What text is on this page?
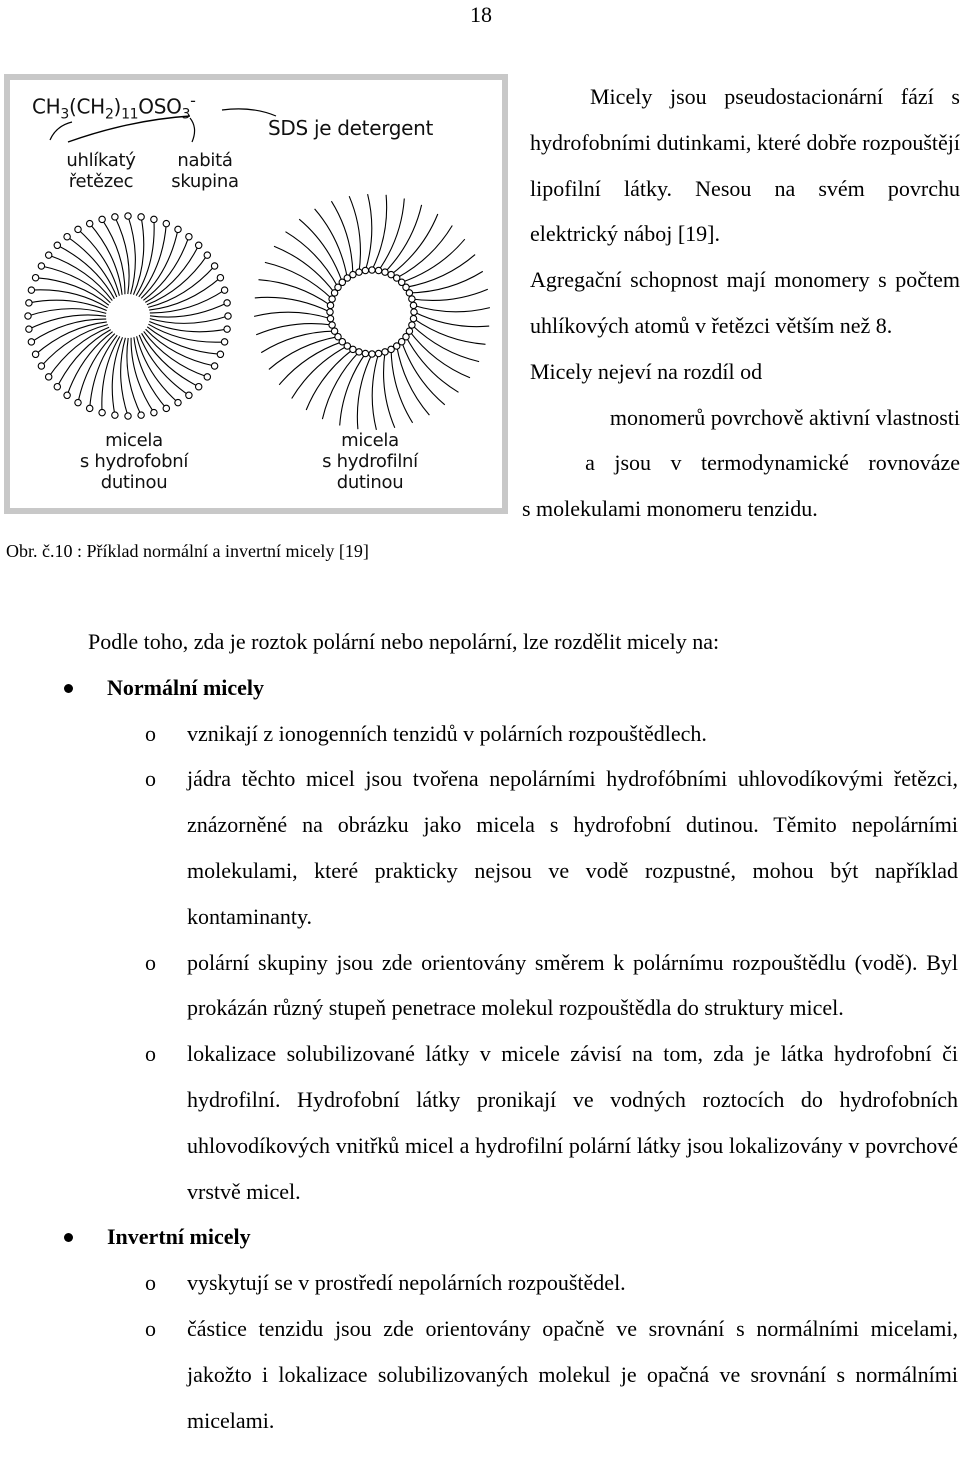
18
$CH_3(CH_2)_{11}OSO_3^-$
uhlíkatý
řetězec
nabitá
skupina
SDS je detergent
micela
s hydrofobní
dutinou
micela
s hydrofilní
dutinou
Obr. č.10 : Příklad normální a invertní micely [19]

Micely jsou pseudostacionární fází s hydrofobními dutinkami, které dobře rozpouštějí lipofilní látky. Nesou na svém povrchu elektrický náboj [19].

Agregační schopnost mají monomery s počtem uhlíkových atomů v řetězci větším než 8.

Micely nejeví na rozdíl od

monomerů povrchově aktivní vlastnosti

a jsou v termodynamické rovnováze

s molekulami monomeru tenzidu.

Podle toho, zda je roztok polární nebo nepolární, lze rozdělit micely na:

Normální micely
o vznikají z ionogenních tenzidů v polárních rozpouštědlech.
o jádra těchto micel jsou tvořena nepolárními hydrofóbními uhlovodíkovými řetězci, znázorněné na obrázku jako micela s hydrofobní dutinou. Těmito nepolárními molekulami, které prakticky nejsou ve vodě rozpustné, mohou být například kontaminanty.
o polární skupiny jsou zde orientovány směrem k polárnímu rozpouštědlu (vodě). Byl prokázán různý stupeň penetrace molekul rozpouštědla do struktury micel.
o lokalizace solubilizované látky v micele závisí na tom, zda je látka hydrofobní či hydrofilní. Hydrofobní látky pronikají ve vodných roztocích do hydrofobních uhlovodíkových vnitřků micel a hydrofilní polární látky jsou lokalizovány v povrchové vrstvě micel.
Invertní micely
o vyskytují se v prostředí nepolárních rozpouštědel.
o částice tenzidu jsou zde orientovány opačně ve srovnání s normálními micelami, jakožto i lokalizace solubilizovaných molekul je opačná ve srovnání s normálními micelami.
